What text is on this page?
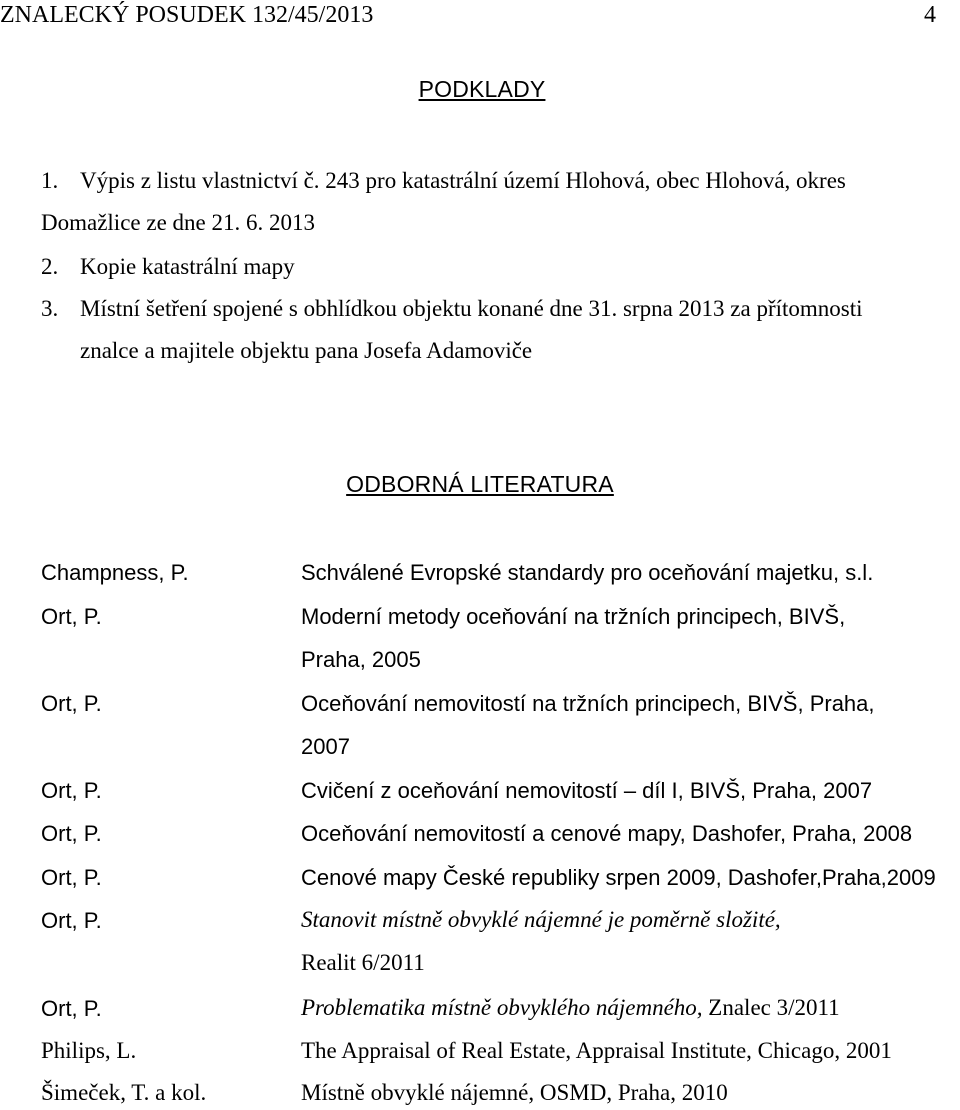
ZNALECKÝ POSUDEK 132/45/2013	4
PODKLADY
1. Výpis z listu vlastnictví č. 243 pro katastrální území Hlohová, obec Hlohová, okres
Domažlice ze dne 21. 6. 2013
2. Kopie katastrální mapy
3. Místní šetření spojené s obhlídkou objektu konané dne 31. srpna 2013 za přítomnosti
znalce a majitele objektu pana Josefa Adamoviče
ODBORNÁ LITERATURA
Champness, P.	Schválené Evropské standardy pro oceňování majetku, s.l.
Ort, P.	Moderní metody oceňování na tržních principech, BIVŠ,
Praha, 2005
Ort, P.	Oceňování nemovitostí na tržních principech, BIVŠ, Praha,
2007
Ort, P.	Cvičení z oceňování nemovitostí – díl I, BIVŠ, Praha, 2007
Ort, P.	Oceňování nemovitostí a cenové mapy, Dashofer, Praha, 2008
Ort, P.	Cenové mapy České republiky srpen 2009, Dashofer,Praha,2009
Ort, P.	Stanovit místně obvyklé nájemné je poměrně složité,
Realit 6/2011
Ort, P.	Problematika místně obvyklého nájemného, Znalec 3/2011
Philips, L.	The Appraisal of Real Estate, Appraisal Institute, Chicago, 2001
Šimeček, T. a kol.	Místně obvyklé nájemné, OSMD, Praha, 2010
